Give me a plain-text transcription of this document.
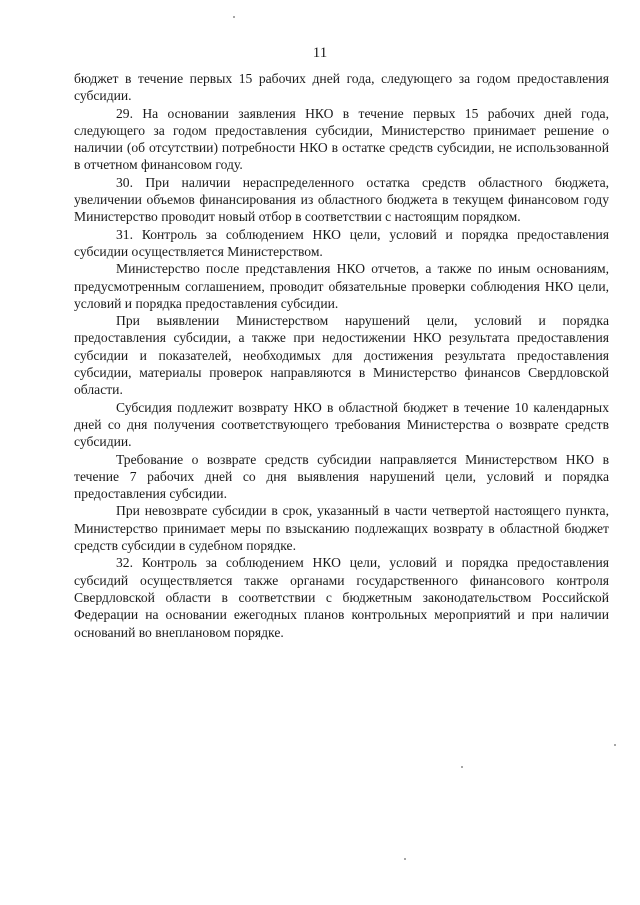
11

бюджет в течение первых 15 рабочих дней года, следующего за годом предоставления субсидии.

29. На основании заявления НКО в течение первых 15 рабочих дней года, следующего за годом предоставления субсидии, Министерство принимает решение о наличии (об отсутствии) потребности НКО в остатке средств субсидии, не использованной в отчетном финансовом году.

30. При наличии нераспределенного остатка средств областного бюджета, увеличении объемов финансирования из областного бюджета в текущем финансовом году Министерство проводит новый отбор в соответствии с настоящим порядком.

31. Контроль за соблюдением НКО цели, условий и порядка предоставления субсидии осуществляется Министерством.

Министерство после представления НКО отчетов, а также по иным основаниям, предусмотренным соглашением, проводит обязательные проверки соблюдения НКО цели, условий и порядка предоставления субсидии.

При выявлении Министерством нарушений цели, условий и порядка предоставления субсидии, а также при недостижении НКО результата предоставления субсидии и показателей, необходимых для достижения результата предоставления субсидии, материалы проверок направляются в Министерство финансов Свердловской области.

Субсидия подлежит возврату НКО в областной бюджет в течение 10 календарных дней со дня получения соответствующего требования Министерства о возврате средств субсидии.

Требование о возврате средств субсидии направляется Министерством НКО в течение 7 рабочих дней со дня выявления нарушений цели, условий и порядка предоставления субсидии.

При невозврате субсидии в срок, указанный в части четвертой настоящего пункта, Министерство принимает меры по взысканию подлежащих возврату в областной бюджет средств субсидии в судебном порядке.

32. Контроль за соблюдением НКО цели, условий и порядка предоставления субсидий осуществляется также органами государственного финансового контроля Свердловской области в соответствии с бюджетным законодательством Российской Федерации на основании ежегодных планов контрольных мероприятий и при наличии оснований во внеплановом порядке.
